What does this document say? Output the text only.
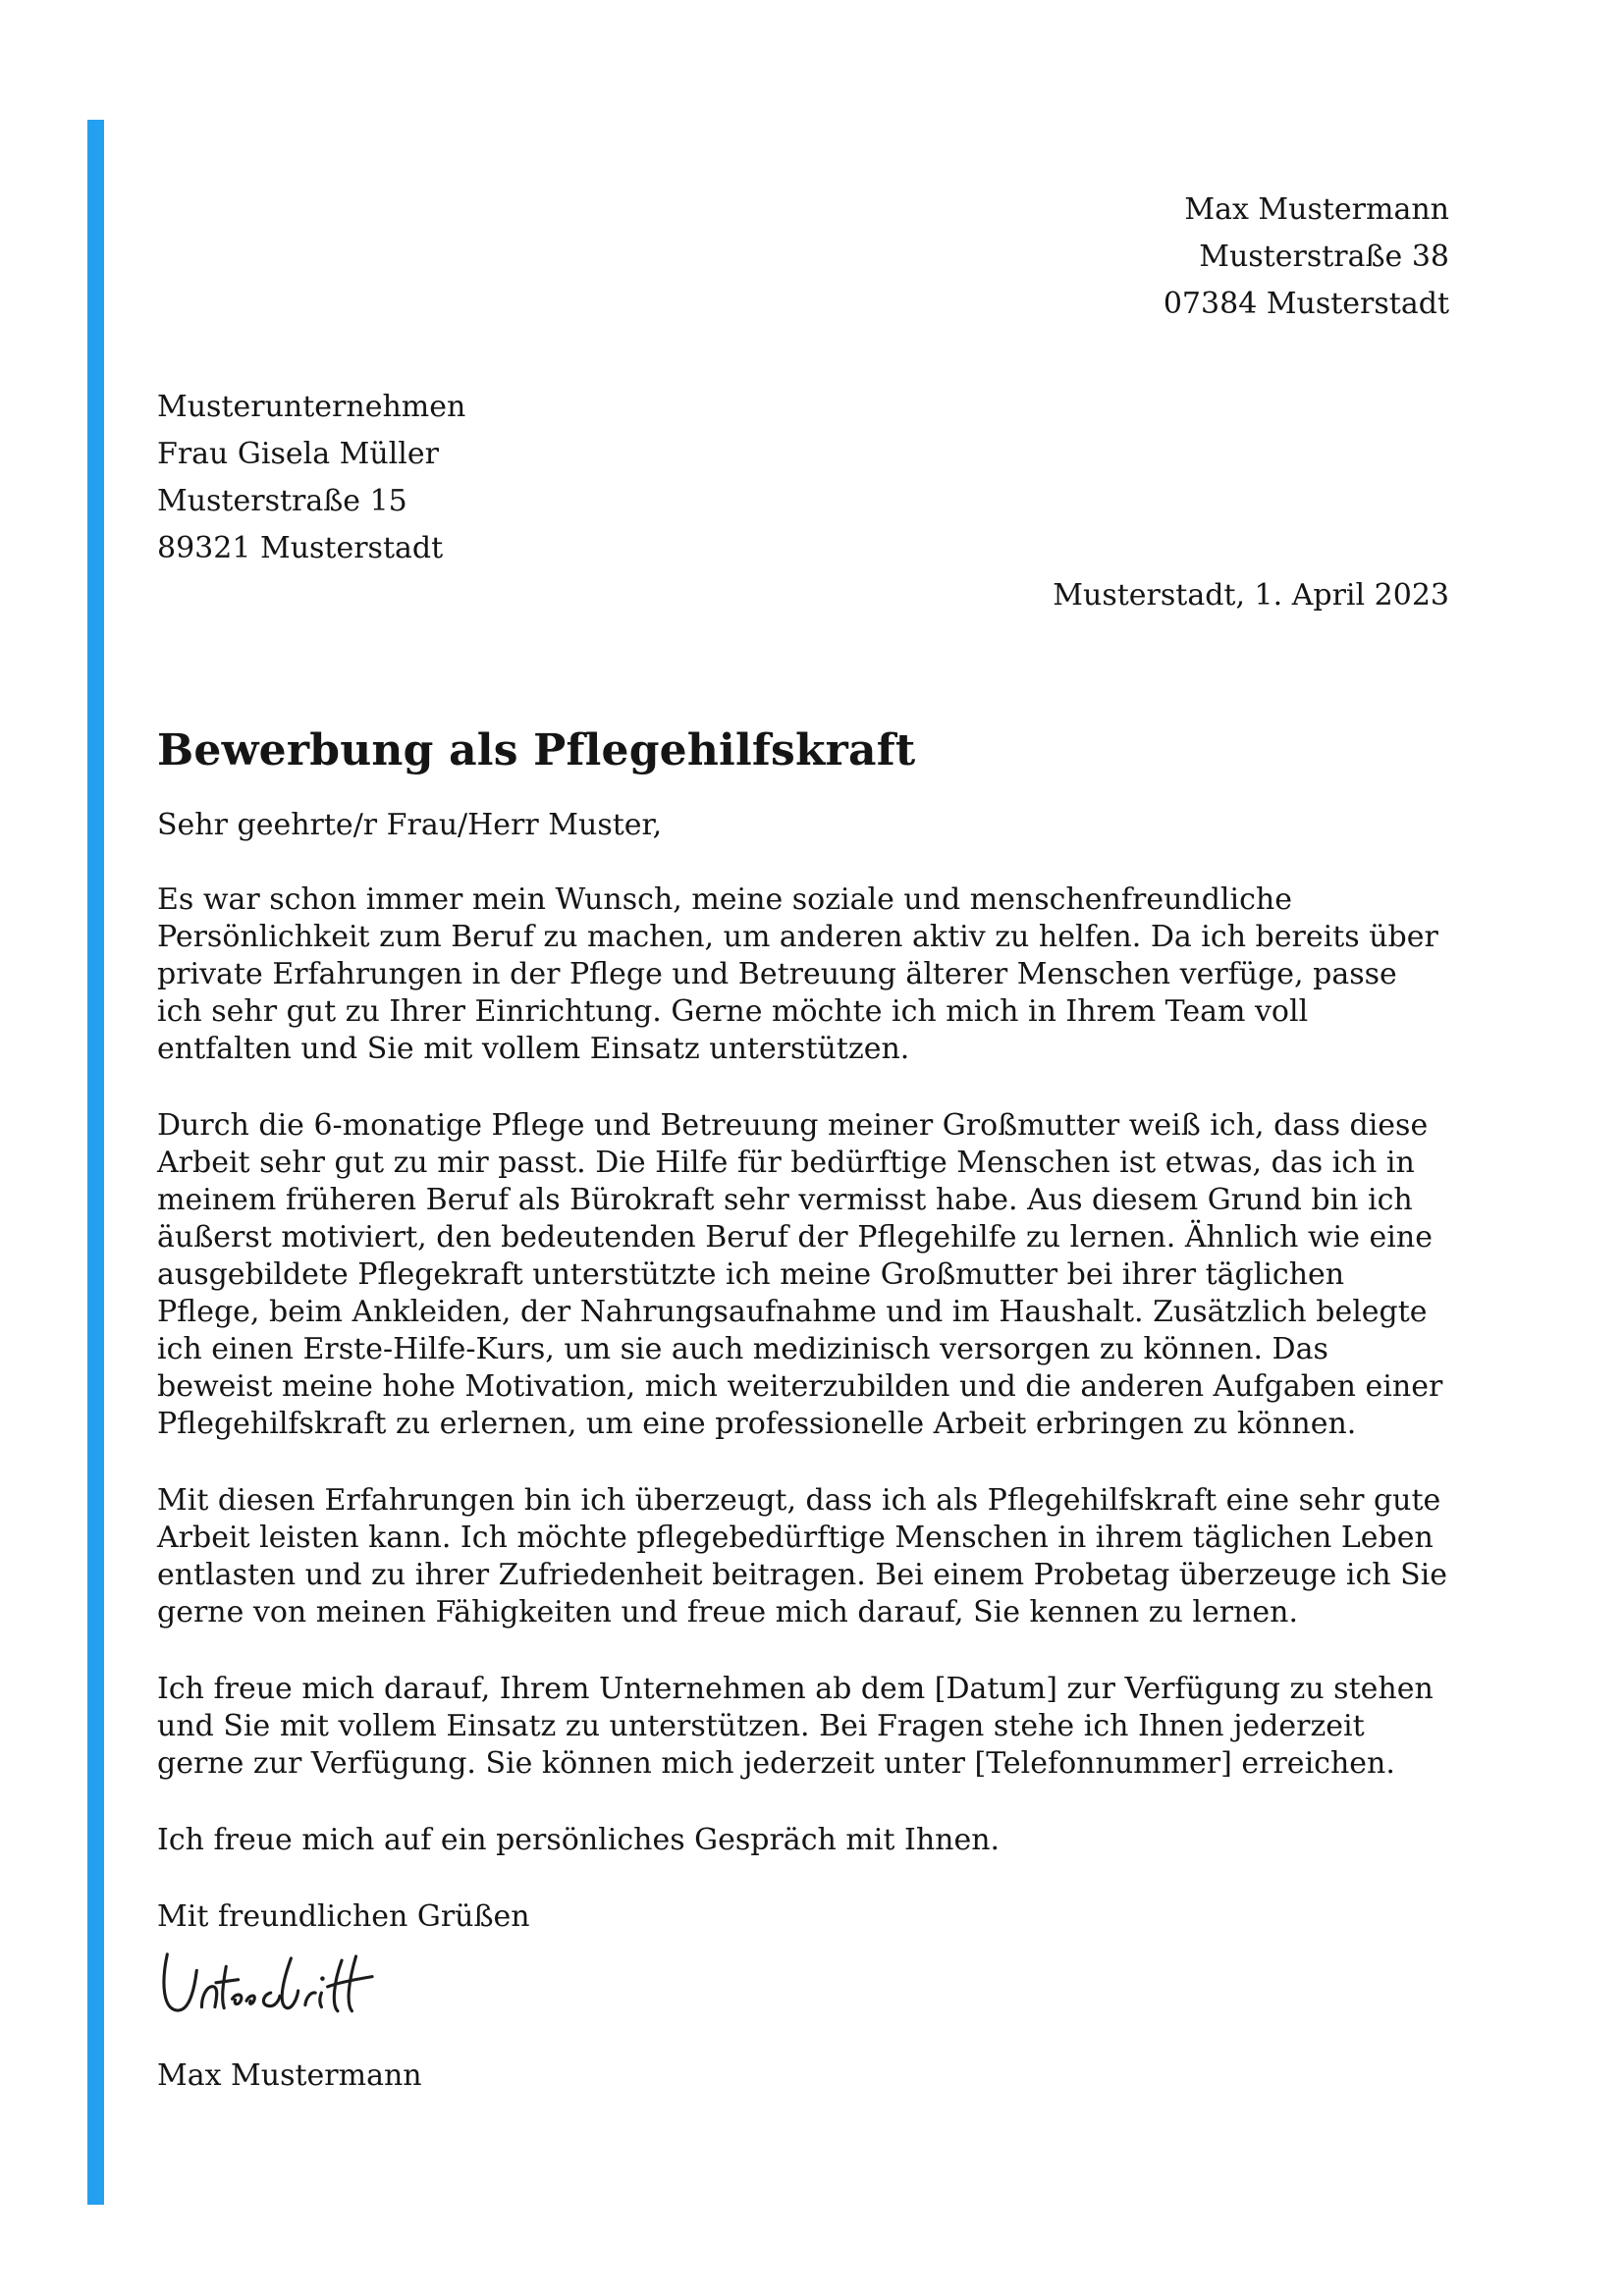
Max Mustermann
Musterstraße 38
07384 Musterstadt
Musterunternehmen
Frau Gisela Müller
Musterstraße 15
89321 Musterstadt
Musterstadt, 1. April 2023
Bewerbung als Pflegehilfskraft
Sehr geehrte/r Frau/Herr Muster,

Es war schon immer mein Wunsch, meine soziale und menschenfreundliche Persönlichkeit zum Beruf zu machen, um anderen aktiv zu helfen. Da ich bereits über private Erfahrungen in der Pflege und Betreuung älterer Menschen verfüge, passe ich sehr gut zu Ihrer Einrichtung. Gerne möchte ich mich in Ihrem Team voll entfalten und Sie mit vollem Einsatz unterstützen.

Durch die 6-monatige Pflege und Betreuung meiner Großmutter weiß ich, dass diese Arbeit sehr gut zu mir passt. Die Hilfe für bedürftige Menschen ist etwas, das ich in meinem früheren Beruf als Bürokraft sehr vermisst habe. Aus diesem Grund bin ich äußerst motiviert, den bedeutenden Beruf der Pflegehilfe zu lernen. Ähnlich wie eine ausgebildete Pflegekraft unterstützte ich meine Großmutter bei ihrer täglichen Pflege, beim Ankleiden, der Nahrungsaufnahme und im Haushalt. Zusätzlich belegte ich einen Erste-Hilfe-Kurs, um sie auch medizinisch versorgen zu können. Das beweist meine hohe Motivation, mich weiterzubilden und die anderen Aufgaben einer Pflegehilfskraft zu erlernen, um eine professionelle Arbeit erbringen zu können.

Mit diesen Erfahrungen bin ich überzeugt, dass ich als Pflegehilfskraft eine sehr gute Arbeit leisten kann. Ich möchte pflegebedürftige Menschen in ihrem täglichen Leben entlasten und zu ihrer Zufriedenheit beitragen. Bei einem Probetag überzeuge ich Sie gerne von meinen Fähigkeiten und freue mich darauf, Sie kennen zu lernen.

Ich freue mich darauf, Ihrem Unternehmen ab dem [Datum] zur Verfügung zu stehen und Sie mit vollem Einsatz zu unterstützen. Bei Fragen stehe ich Ihnen jederzeit gerne zur Verfügung. Sie können mich jederzeit unter [Telefonnummer] erreichen.

Ich freue mich auf ein persönliches Gespräch mit Ihnen.

Mit freundlichen Grüßen
Max Mustermann
